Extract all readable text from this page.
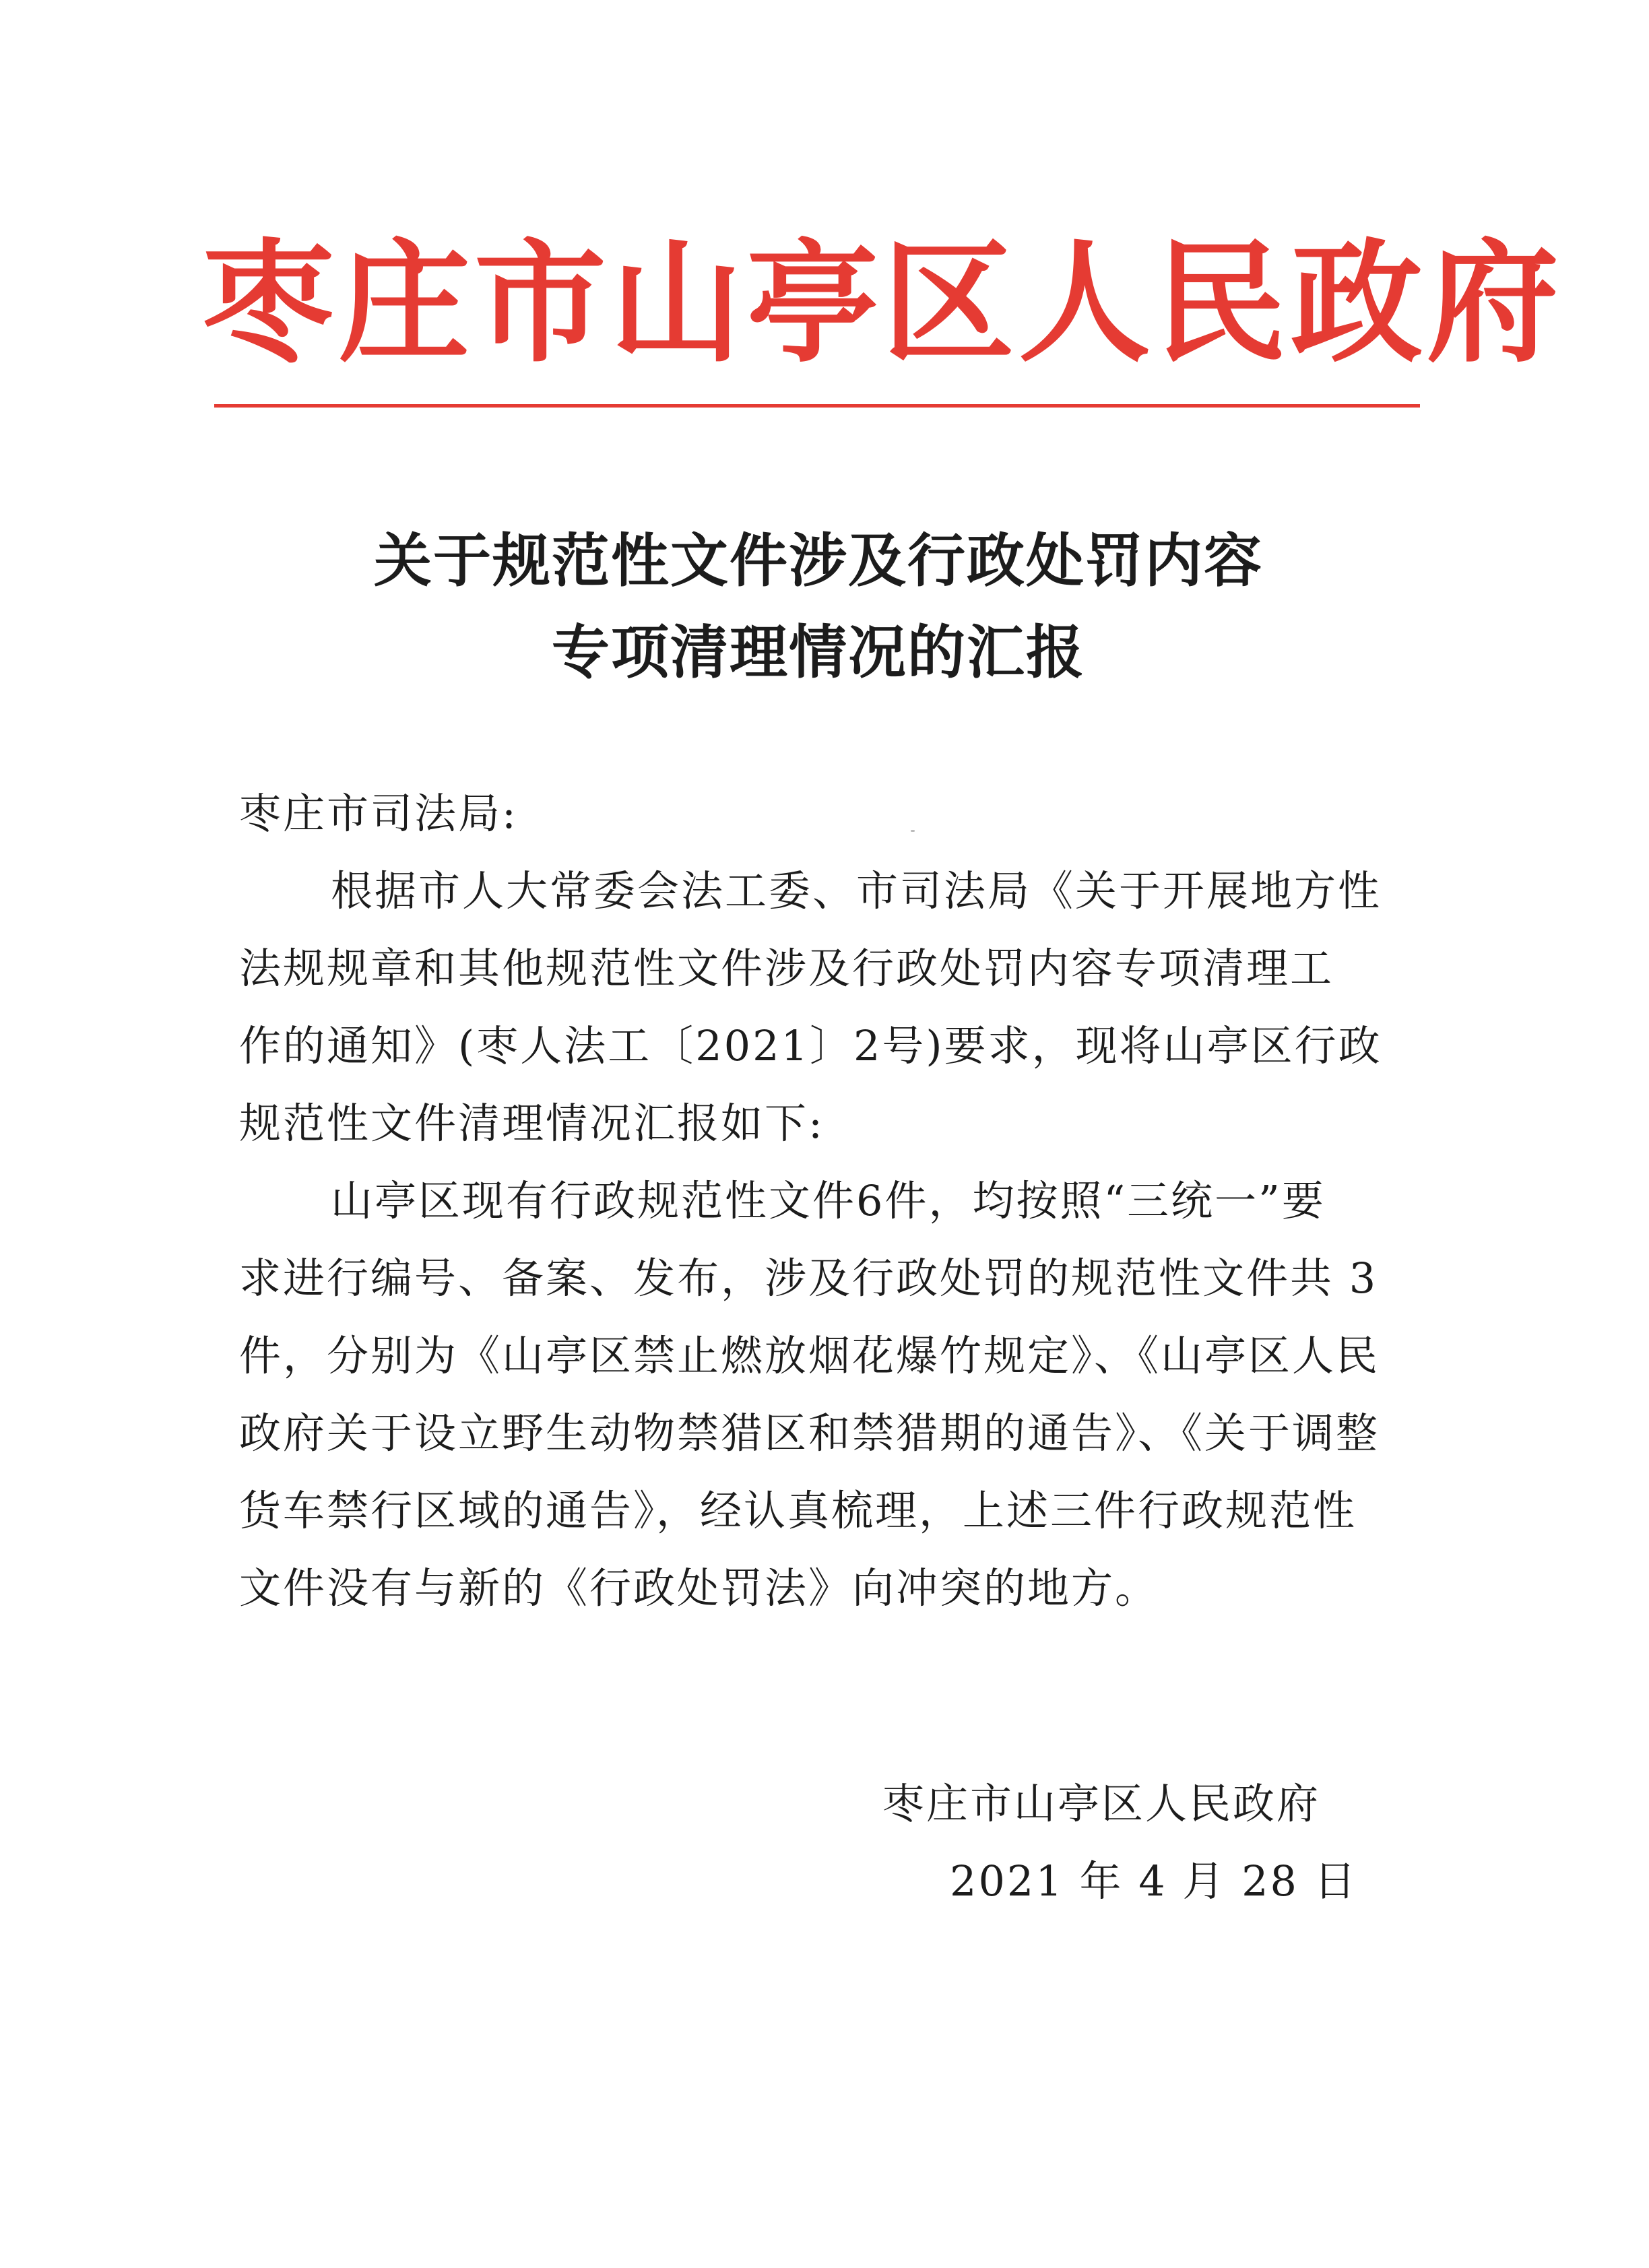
枣庄市山亭区人民政府
关于规范性文件涉及行政处罚内容
专项清理情况的汇报
枣庄市司法局:
根据市人大常委会法工委、市司法局《关于开展地方性
法规规章和其他规范性文件涉及行政处罚内容专项清理工
作的通知》(枣人法工〔2021〕2号)要求，现将山亭区行政
规范性文件清理情况汇报如下:
山亭区现有行政规范性文件6件，均按照“三统一”要
求进行编号、备案、发布，涉及行政处罚的规范性文件共 3
件，分别为《山亭区禁止燃放烟花爆竹规定》、《山亭区人民
政府关于设立野生动物禁猎区和禁猎期的通告》、《关于调整
货车禁行区域的通告》，经认真梳理，上述三件行政规范性
文件没有与新的《行政处罚法》向冲突的地方。
枣庄市山亭区人民政府
2021 年 4 月 28 日
